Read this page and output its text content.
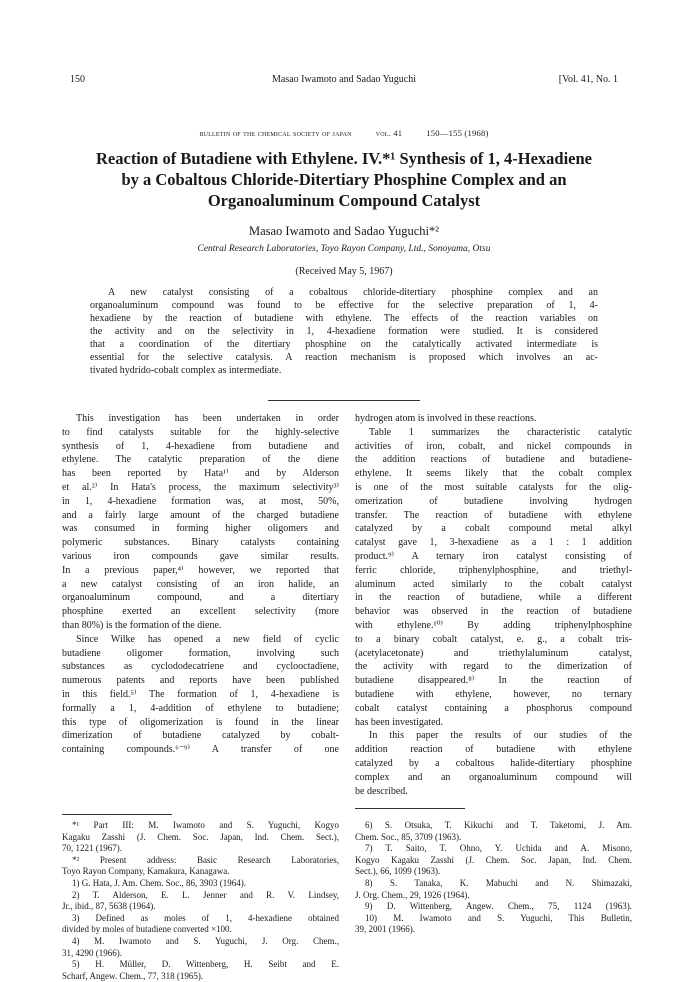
150	Masao Iwamoto and Sadao Yuguchi	[Vol. 41, No. 1
bulletin of the chemical society of japan	vol. 41	150—155 (1968)
Reaction of Butadiene with Ethylene. IV.*¹ Synthesis of 1, 4-Hexadiene
by a Cobaltous Chloride-Ditertiary Phosphine Complex and an
Organoaluminum Compound Catalyst
Masao Iwamoto and Sadao Yuguchi*²
Central Research Laboratories, Toyo Rayon Company, Ltd., Sonoyama, Otsu
(Received May 5, 1967)
A new catalyst consisting of a cobaltous chloride-ditertiary phosphine complex and an
organoaluminum compound was found to be effective for the selective preparation of 1, 4-
hexadiene by the reaction of butadiene with ethylene. The effects of the reaction variables on
the activity and on the selectivity in 1, 4-hexadiene formation were studied. It is considered
that a coordination of the ditertiary phosphine on the catalytically activated intermediate is
essential for the selective catalysis. A reaction mechanism is proposed which involves an ac-
tivated hydrido-cobalt complex as intermediate.
This investigation has been undertaken in order
to find catalysts suitable for the highly-selective
synthesis of 1, 4-hexadiene from butadiene and
ethylene. The catalytic preparation of the diene
has been reported by Hata¹⁾ and by Alderson
et al.²⁾ In Hata's process, the maximum selectivity³⁾
in 1, 4-hexadiene formation was, at most, 50%,
and a fairly large amount of the charged butadiene
was consumed in forming higher oligomers and
polymeric substances. Binary catalysts containing
various iron compounds gave similar results.
In a previous paper,⁴⁾ however, we reported that
a new catalyst consisting of an iron halide, an
organoaluminum compound, and a ditertiary
phosphine exerted an excellent selectivity (more
than 80%) is the formation of the diene.
Since Wilke has opened a new field of cyclic
butadiene oligomer formation, involving such
substances as cyclododecatriene and cyclooctadiene,
numerous patents and reports have been published
in this field.⁵⁾ The formation of 1, 4-hexadiene is
formally a 1, 4-addition of ethylene to butadiene;
this type of oligomerization is found in the linear
dimerization of butadiene catalyzed by cobalt-
containing compounds.⁶⁻⁹⁾ A transfer of one
hydrogen atom is involved in these reactions.
Table 1 summarizes the characteristic catalytic
activities of iron, cobalt, and nickel compounds in
the addition reactions of butadiene and butadiene-
ethylene. It seems likely that the cobalt complex
is one of the most suitable catalysts for the olig-
omerization of butadiene involving hydrogen
transfer. The reaction of butadiene with ethylene
catalyzed by a cobalt compound metal alkyl
catalyst gave 1, 3-hexadiene as a 1 : 1 addition
product.⁹⁾ A ternary iron catalyst consisting of
ferric chloride, triphenylphosphine, and triethyl-
aluminum acted similarly to the cobalt catalyst
in the reaction of butadiene, while a different
behavior was observed in the reaction of butadiene
with ethylene.¹⁰⁾ By adding triphenylphosphine
to a binary cobalt catalyst, e. g., a cobalt tris-
(acetylacetonate) and triethylaluminum catalyst,
the activity with regard to the dimerization of
butadiene disappeared.⁸⁾ In the reaction of
butadiene with ethylene, however, no ternary
cobalt catalyst containing a phosphorus compound
has been investigated.
In this paper the results of our studies of the
addition reaction of butadiene with ethylene
catalyzed by a cobaltous halide-ditertiary phosphine
complex and an organoaluminum compound will
be described.
*¹ Part III: M. Iwamoto and S. Yuguchi, Kogyo
Kagaku Zasshi (J. Chem. Soc. Japan, Ind. Chem. Sect.),
70, 1221 (1967).
*² Present address: Basic Research Laboratories,
Toyo Rayon Company, Kamakura, Kanagawa.
1) G. Hata, J. Am. Chem. Soc., 86, 3903 (1964).
2) T. Alderson, E. L. Jenner and R. V. Lindsey,
Jr., ibid., 87, 5638 (1964).
3) Defined as moles of 1, 4-hexadiene obtained
divided by moles of butadiene converted ×100.
4) M. Iwamoto and S. Yuguchi, J. Org. Chem.,
31, 4290 (1966).
5) H. Müller, D. Wittenberg, H. Seibt and E.
Scharf, Angew. Chem., 77, 318 (1965).
6) S. Otsuka, T. Kikuchi and T. Taketomi, J. Am.
Chem. Soc., 85, 3709 (1963).
7) T. Saito, T. Ohno, Y. Uchida and A. Misono,
Kogyo Kagaku Zasshi (J. Chem. Soc. Japan, Ind. Chem.
Sect.), 66, 1099 (1963).
8) S. Tanaka, K. Mabuchi and N. Shimazaki,
J. Org. Chem., 29, 1926 (1964).
9) D. Wittenberg, Angew. Chem., 75, 1124 (1963).
10) M. Iwamoto and S. Yuguchi, This Bulletin,
39, 2001 (1966).
